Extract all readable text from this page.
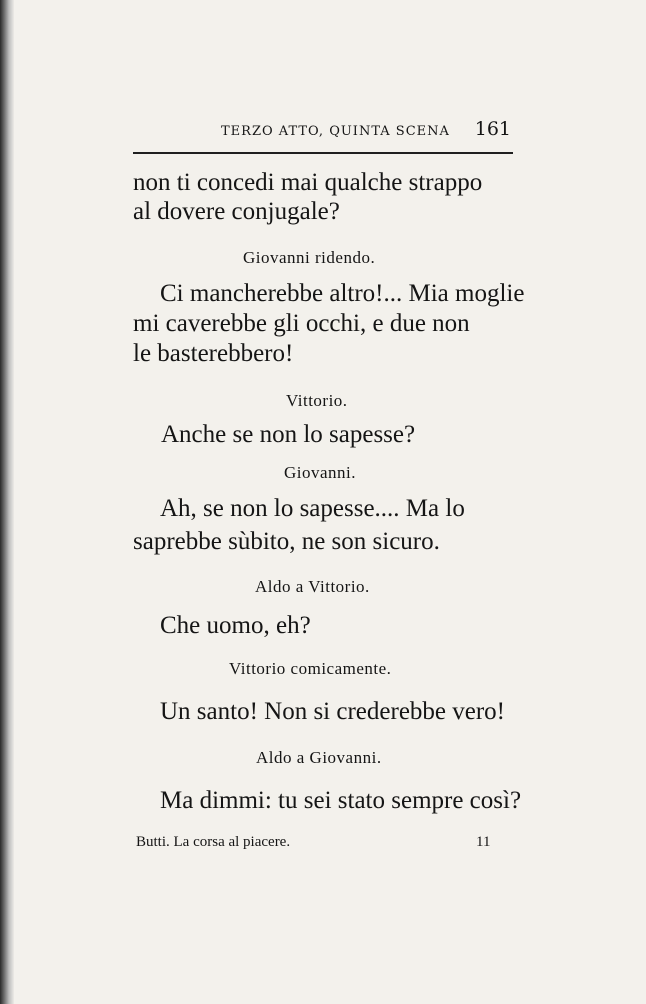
TERZO ATTO, QUINTA SCENA 161
non ti concedi mai qualche strappo
al dovere conjugale?
Giovanni ridendo.
Ci mancherebbe altro!... Mia moglie
mi caverebbe gli occhi, e due non
le basterebbero!
Vittorio.
Anche se non lo sapesse?
Giovanni.
Ah, se non lo sapesse.... Ma lo
saprebbe sùbito, ne son sicuro.
Aldo a Vittorio.
Che uomo, eh?
Vittorio comicamente.
Un santo! Non si crederebbe vero!
Aldo a Giovanni.
Ma dimmi: tu sei stato sempre così?
Butti. La corsa al piacere.	11
